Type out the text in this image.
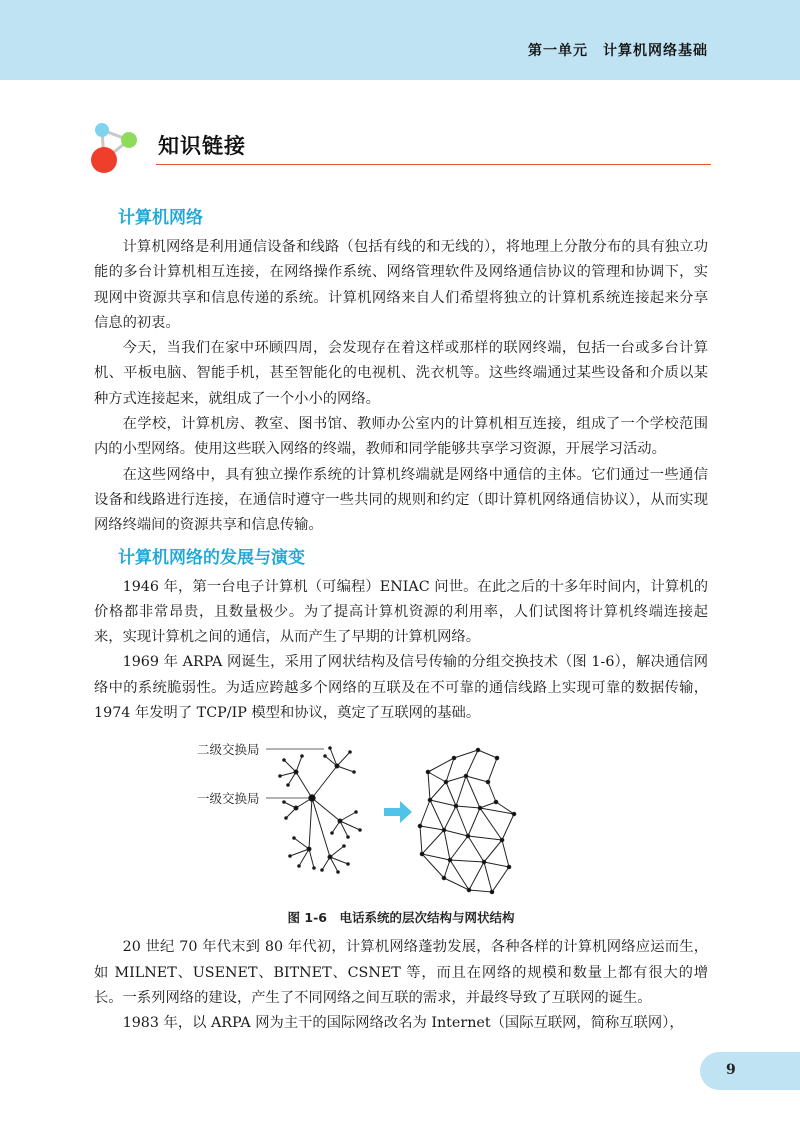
第一单元　计算机网络基础
知识链接
计算机网络

计算机网络是利用通信设备和线路（包括有线的和无线的），将地理上分散分布的具有独立功能的多台计算机相互连接，在网络操作系统、网络管理软件及网络通信协议的管理和协调下，实现网中资源共享和信息传递的系统。计算机网络来自人们希望将独立的计算机系统连接起来分享信息的初衷。

今天，当我们在家中环顾四周，会发现存在着这样或那样的联网终端，包括一台或多台计算机、平板电脑、智能手机，甚至智能化的电视机、洗衣机等。这些终端通过某些设备和介质以某种方式连接起来，就组成了一个小小的网络。

在学校，计算机房、教室、图书馆、教师办公室内的计算机相互连接，组成了一个学校范围内的小型网络。使用这些联入网络的终端，教师和同学能够共享学习资源，开展学习活动。

在这些网络中，具有独立操作系统的计算机终端就是网络中通信的主体。它们通过一些通信设备和线路进行连接，在通信时遵守一些共同的规则和约定（即计算机网络通信协议），从而实现网络终端间的资源共享和信息传输。

计算机网络的发展与演变

1946 年，第一台电子计算机（可编程）ENIAC 问世。在此之后的十多年时间内，计算机的价格都非常昂贵，且数量极少。为了提高计算机资源的利用率，人们试图将计算机终端连接起来，实现计算机之间的通信，从而产生了早期的计算机网络。

1969 年 ARPA 网诞生，采用了网状结构及信号传输的分组交换技术（图 1-6），解决通信网络中的系统脆弱性。为适应跨越多个网络的互联及在不可靠的通信线路上实现可靠的数据传输，1974 年发明了 TCP/IP 模型和协议，奠定了互联网的基础。

二级交换局
一级交换局
图 1-6　电话系统的层次结构与网状结构

20 世纪 70 年代末到 80 年代初，计算机网络蓬勃发展，各种各样的计算机网络应运而生，如 MILNET、USENET、BITNET、CSNET 等，而且在网络的规模和数量上都有很大的增长。一系列网络的建设，产生了不同网络之间互联的需求，并最终导致了互联网的诞生。

1983 年，以 ARPA 网为主干的国际网络改名为 Internet（国际互联网，简称互联网），

9
